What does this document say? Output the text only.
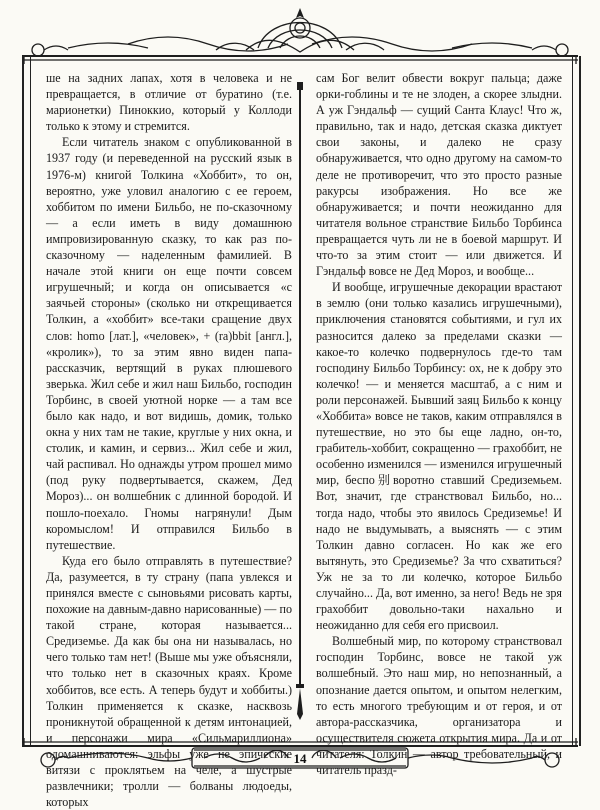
ше на задних лапах, хотя в человека и не превращается, в отличие от буратино (т.е. марионетки) Пиноккио, который у Коллоди только к этому и стремится.

Если читатель знаком с опубликованной в 1937 году (и переведенной на русский язык в 1976-м) книгой Толкина «Хоббит», то он, вероятно, уже уловил аналогию с ее героем, хоббитом по имени Бильбо, не по-сказочному — а если иметь в виду домашнюю импровизированную сказку, то как раз по-сказочному — наделенным фамилией. В начале этой книги он еще почти совсем игрушечный; и когда он описывается «с заячьей стороны» (сколько ни открещивается Толкин, а «хоббит» все-таки сращение двух слов: homo [лат.], «человек», + (ra)bbit [англ.], «кролик»), то за этим явно виден папа-рассказчик, вертящий в руках плюшевого зверька. Жил себе и жил наш Бильбо, господин Торбинс, в своей уютной норке — а там все было как надо, и вот видишь, домик, только окна у них там не такие, круглые у них окна, и столик, и камин, и сервиз... Жил себе и жил, чай распивал. Но однажды утром прошел мимо (под руку подвертывается, скажем, Дед Мороз)... он волшебник с длинной бородой. И пошло-поехало. Гномы нагрянули! Дым коромыслом! И отправился Бильбо в путешествие.

Куда его было отправлять в путешествие? Да, разумеется, в ту страну (папа увлекся и принялся вместе с сыновьями рисовать карты, похожие на давным-давно нарисованные) — по такой стране, которая называется... Средиземье. Да как бы она ни называлась, но чего только там нет! (Выше мы уже объясняли, что только нет в сказочных краях. Кроме хоббитов, все есть. А теперь будут и хоббиты.) Толкин применяется к сказке, насквозь проникнутой обращенной к детям интонацией, и персонажи мира «Сильмариллиона» одомашниваются: эльфы уже не эпические витязи с проклятьем на челе, а шустрые развлечники; тролли — болваны людоеды, которых

сам Бог велит обвести вокруг пальца; даже орки-гоблины и те не злоден, а скорее злыдни. А уж Гэндальф — сущий Санта Клаус! Что ж, правильно, так и надо, детская сказка диктует свои законы, и далеко не сразу обнаруживается, что одно другому на самом-то деле не противоречит, что это просто разные ракурсы изображения. Но все же обнаруживается; и почти неожиданно для читателя вольное странствие Бильбо Торбинса превращается чуть ли не в боевой маршрут. И что-то за этим стоит — или движется. И Гэндальф вовсе не Дед Мороз, и вообще...

И вообще, игрушечные декорации врастают в землю (они только казались игрушечными), приключения становятся событиями, и гул их разносится далеко за пределами сказки — какое-то колечко подвернулось где-то там господину Бильбо Торбинсу: ох, не к добру это колечко! — и меняется масштаб, а с ним и роли персонажей. Бывший заяц Бильбо к концу «Хоббита» вовсе не таков, каким отправлялся в путешествие, но это бы еще ладно, он-то, грабитель-хоббит, сокращенно — грахоббит, не особенно изменился — изменился игрушечный мир, беспо别воротно ставший Средиземьем. Вот, значит, где странствовал Бильбо, но... тогда надо, чтобы это явилось Средиземье! И надо не выдумывать, а выяснять — с этим Толкин давно согласен. Но как же его вытянуть, это Средиземье? За что схватиться? Уж не за то ли колечко, которое Бильбо случайно... Да, вот именно, за него! Ведь не зря грахоббит довольно-таки нахально и неожиданно для себя его присвоил.

Волшебный мир, по которому странствовал господин Торбинс, вовсе не такой уж волшебный. Это наш мир, но непознанный, а опознание дается опытом, и опытом нелегким, то есть многого требующим и от героя, и от автора-рассказчика, организатора и осуществителя сюжета открытия мира. Да и от читателя: Толкин — автор требовательный, и читатель празд-

14
